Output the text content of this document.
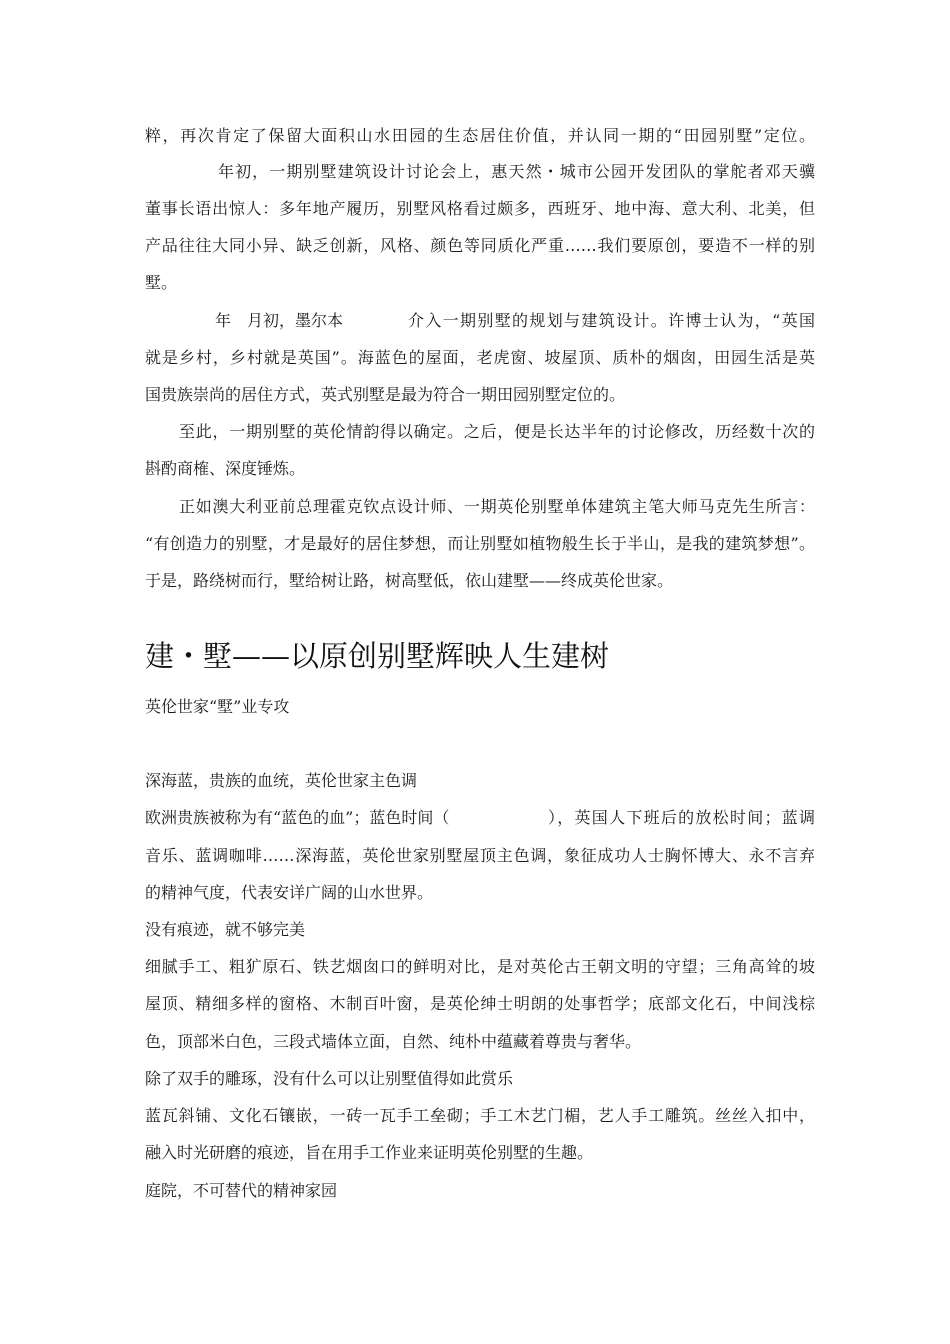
粹，再次肯定了保留大面积山水田园的生态居住价值，并认同一期的“田园别墅”定位。
年初，一期别墅建筑设计讨论会上，惠天然・城市公园开发团队的掌舵者邓天骥
董事长语出惊人：多年地产履历，别墅风格看过颇多，西班牙、地中海、意大利、北美，但
产品往往大同小异、缺乏创新，风格、颜色等同质化严重……我们要原创，要造不一样的别
墅。
年　月初，墨尔本	介入一期别墅的规划与建筑设计。许博士认为，“英国
就是乡村，乡村就是英国”。海蓝色的屋面，老虎窗、坡屋顶、质朴的烟囱，田园生活是英
国贵族崇尚的居住方式，英式别墅是最为符合一期田园别墅定位的。
至此，一期别墅的英伦情韵得以确定。之后，便是长达半年的讨论修改，历经数十次的
斟酌商榷、深度锤炼。
正如澳大利亚前总理霍克钦点设计师、一期英伦别墅单体建筑主笔大师马克先生所言：
“有创造力的别墅，才是最好的居住梦想，而让别墅如植物般生长于半山，是我的建筑梦想”。
于是，路绕树而行，墅给树让路，树高墅低，依山建墅——终成英伦世家。
建・墅——以原创别墅辉映人生建树
英伦世家“墅”业专攻
深海蓝，贵族的血统，英伦世家主色调
欧洲贵族被称为有“蓝色的血”；蓝色时间（	），英国人下班后的放松时间；蓝调
音乐、蓝调咖啡……深海蓝，英伦世家别墅屋顶主色调，象征成功人士胸怀博大、永不言弃
的精神气度，代表安详广阔的山水世界。
没有痕迹，就不够完美
细腻手工、粗犷原石、铁艺烟囱口的鲜明对比，是对英伦古王朝文明的守望；三角高耸的坡
屋顶、精细多样的窗格、木制百叶窗，是英伦绅士明朗的处事哲学；底部文化石，中间浅棕
色，顶部米白色，三段式墙体立面，自然、纯朴中蕴藏着尊贵与奢华。
除了双手的雕琢，没有什么可以让别墅值得如此赏乐
蓝瓦斜铺、文化石镶嵌，一砖一瓦手工垒砌；手工木艺门楣，艺人手工雕筑。丝丝入扣中，
融入时光研磨的痕迹，旨在用手工作业来证明英伦别墅的生趣。
庭院，不可替代的精神家园
